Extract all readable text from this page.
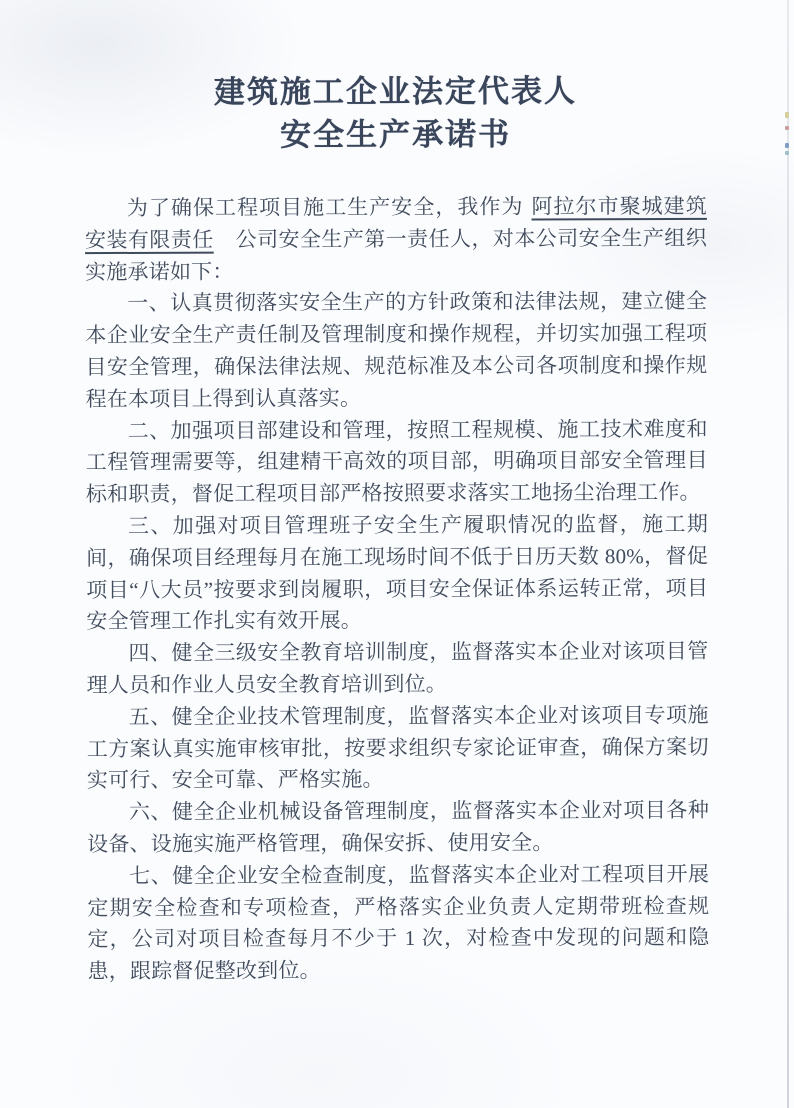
建筑施工企业法定代表人
安全生产承诺书

为了确保工程项目施工生产安全，我作为 阿拉尔市聚城建筑安装有限责任 公司安全生产第一责任人，对本公司安全生产组织实施承诺如下：

一、认真贯彻落实安全生产的方针政策和法律法规，建立健全本企业安全生产责任制及管理制度和操作规程，并切实加强工程项目安全管理，确保法律法规、规范标准及本公司各项制度和操作规程在本项目上得到认真落实。

二、加强项目部建设和管理，按照工程规模、施工技术难度和工程管理需要等，组建精干高效的项目部，明确项目部安全管理目标和职责，督促工程项目部严格按照要求落实工地扬尘治理工作。

三、加强对项目管理班子安全生产履职情况的监督，施工期间，确保项目经理每月在施工现场时间不低于日历天数 80%，督促项目“八大员”按要求到岗履职，项目安全保证体系运转正常，项目安全管理工作扎实有效开展。

四、健全三级安全教育培训制度，监督落实本企业对该项目管理人员和作业人员安全教育培训到位。

五、健全企业技术管理制度，监督落实本企业对该项目专项施工方案认真实施审核审批，按要求组织专家论证审查，确保方案切实可行、安全可靠、严格实施。

六、健全企业机械设备管理制度，监督落实本企业对项目各种设备、设施实施严格管理，确保安拆、使用安全。

七、健全企业安全检查制度，监督落实本企业对工程项目开展定期安全检查和专项检查，严格落实企业负责人定期带班检查规定，公司对项目检查每月不少于 1 次，对检查中发现的问题和隐患，跟踪督促整改到位。
